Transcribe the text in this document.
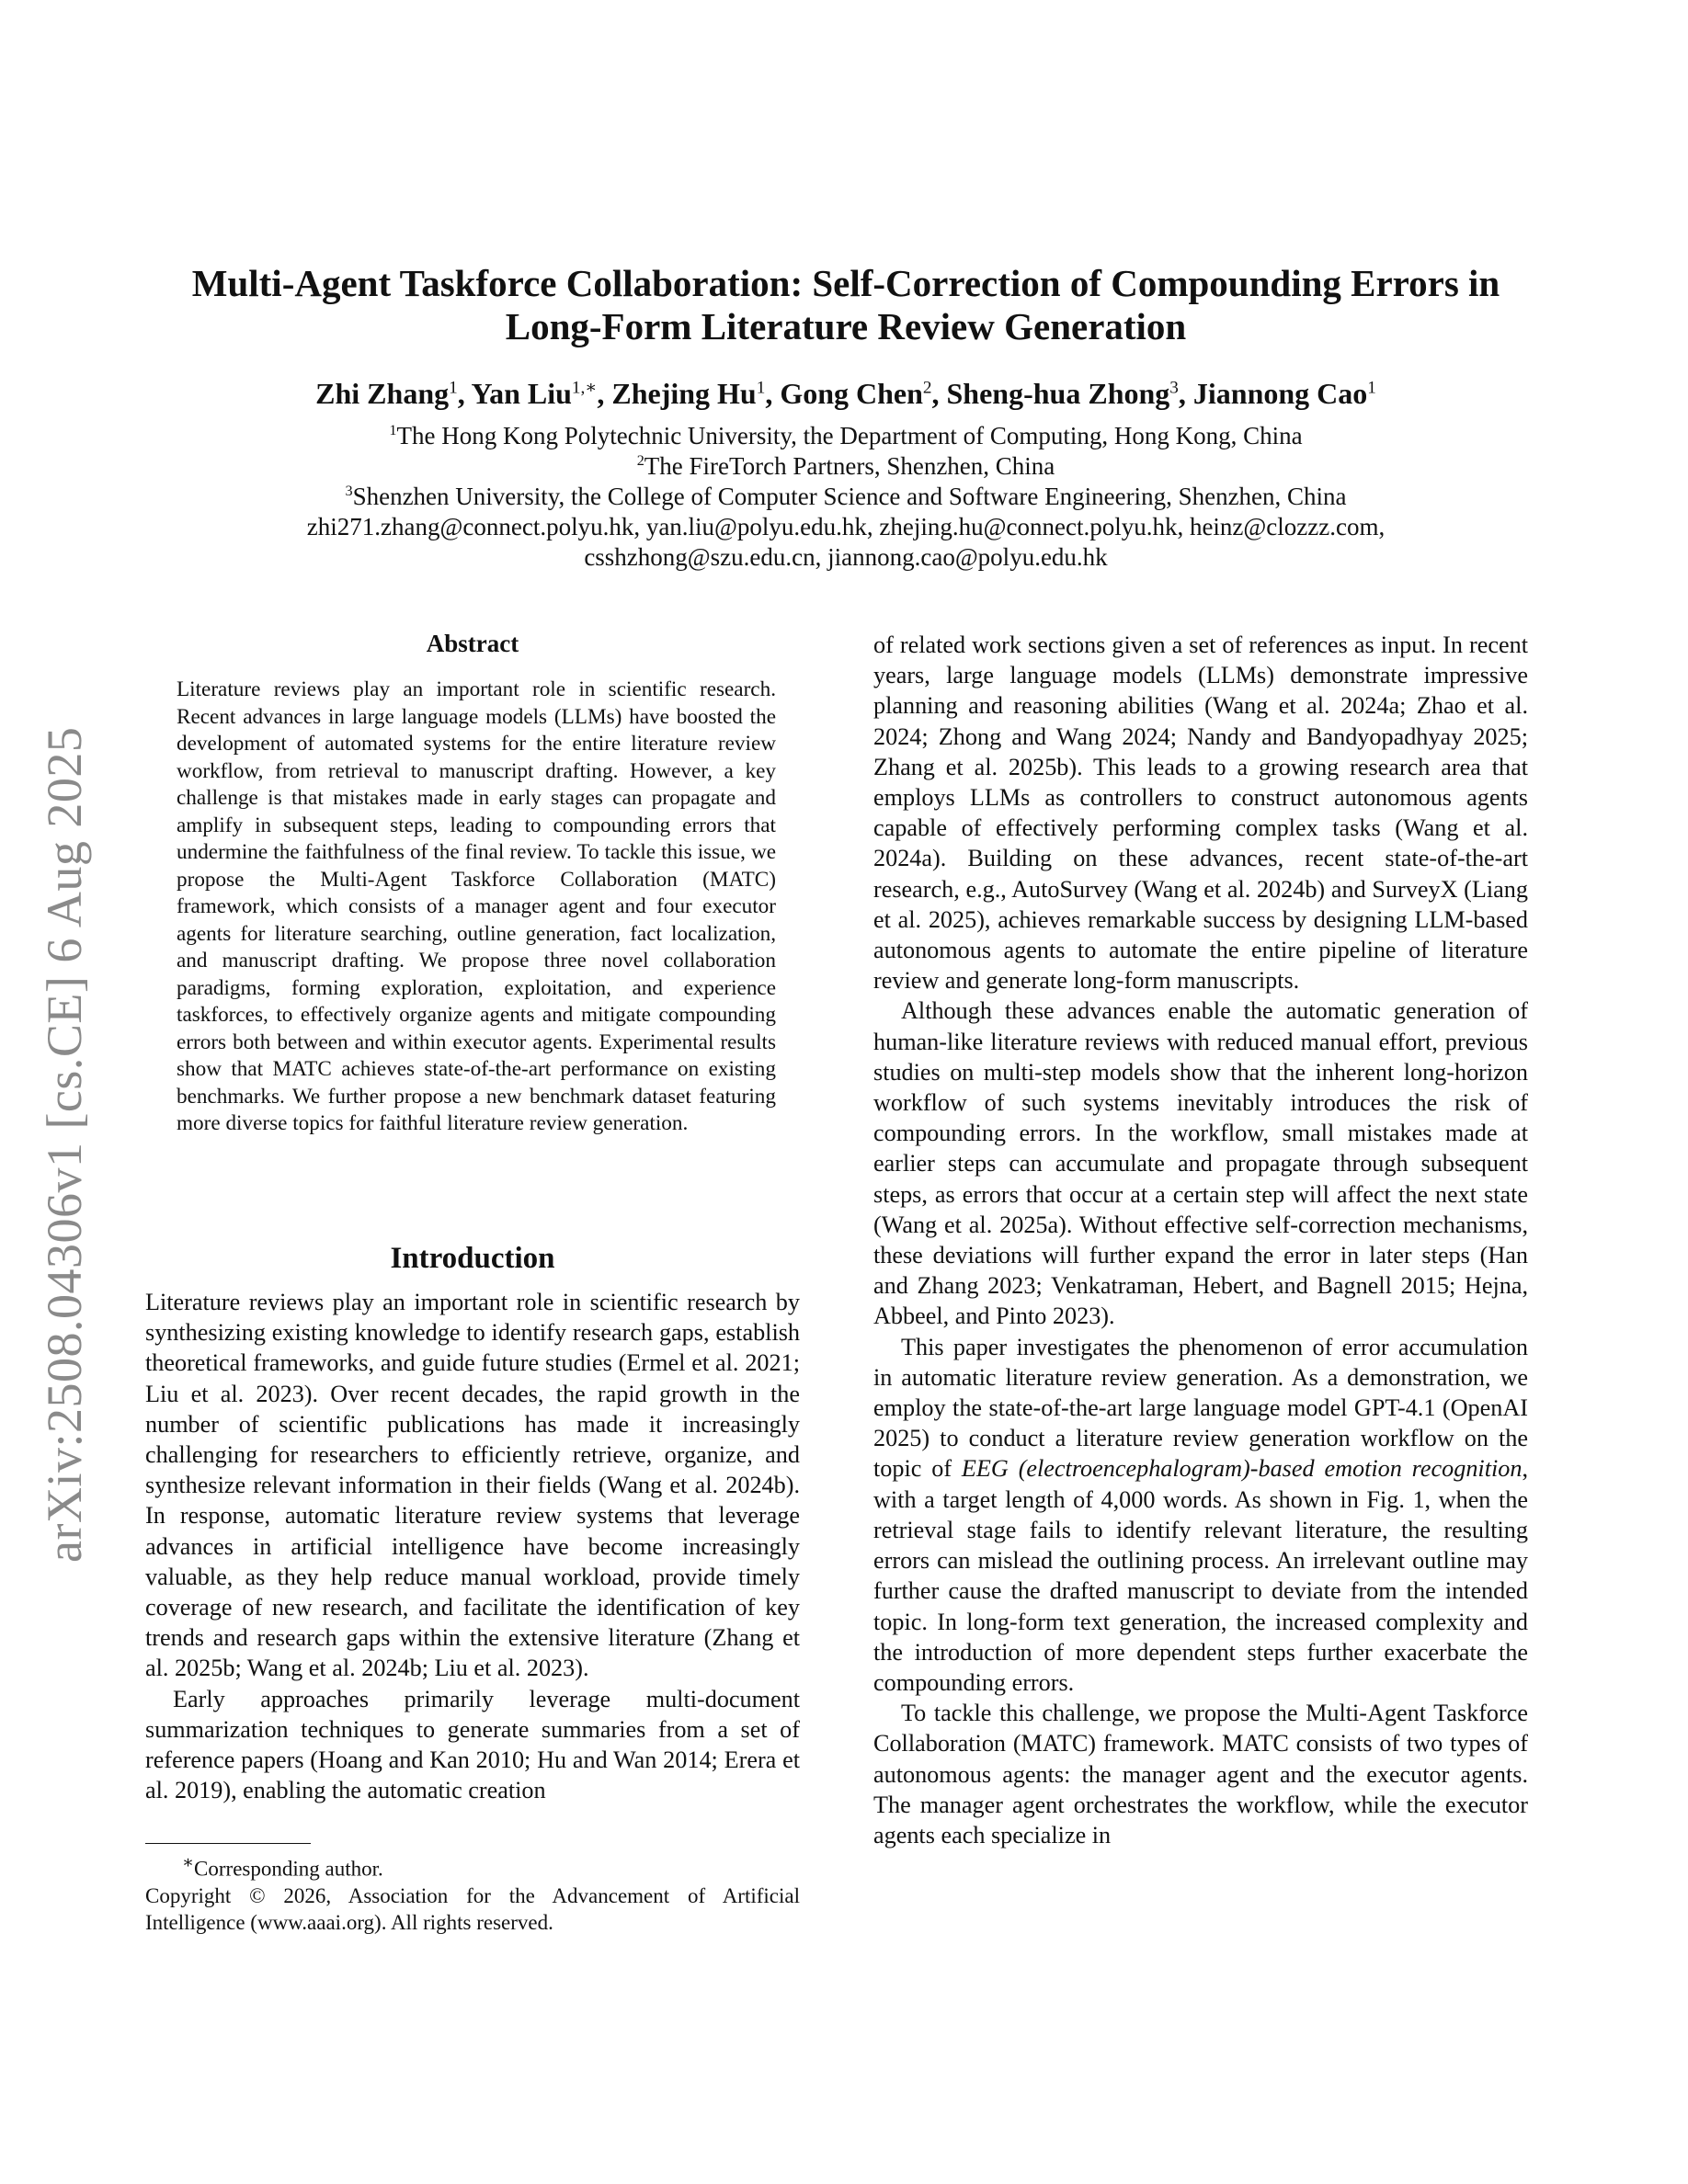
arXiv:2508.04306v1 [cs.CE] 6 Aug 2025
Multi-Agent Taskforce Collaboration: Self-Correction of Compounding Errors in
Long-Form Literature Review Generation
Zhi Zhang$^1$, Yan Liu$^{1,∗}$, Zhejing Hu$^1$, Gong Chen$^2$, Sheng-hua Zhong$^3$, Jiannong Cao$^1$
$^1$The Hong Kong Polytechnic University, the Department of Computing, Hong Kong, China
$^2$The FireTorch Partners, Shenzhen, China
$^3$Shenzhen University, the College of Computer Science and Software Engineering, Shenzhen, China
zhi271.zhang@connect.polyu.hk, yan.liu@polyu.edu.hk, zhejing.hu@connect.polyu.hk, heinz@clozzz.com,
csshzhong@szu.edu.cn, jiannong.cao@polyu.edu.hk
Abstract
Literature reviews play an important role in scientific research. Recent advances in large language models (LLMs) have boosted the development of automated systems for the entire literature review workflow, from retrieval to manuscript drafting. However, a key challenge is that mistakes made in early stages can propagate and amplify in subsequent steps, leading to compounding errors that undermine the faithfulness of the final review. To tackle this issue, we propose the Multi-Agent Taskforce Collaboration (MATC) framework, which consists of a manager agent and four executor agents for literature searching, outline generation, fact localization, and manuscript drafting. We propose three novel collaboration paradigms, forming exploration, exploitation, and experience taskforces, to effectively organize agents and mitigate compounding errors both between and within executor agents. Experimental results show that MATC achieves state-of-the-art performance on existing benchmarks. We further propose a new benchmark dataset featuring more diverse topics for faithful literature review generation.
Introduction

Literature reviews play an important role in scientific research by synthesizing existing knowledge to identify research gaps, establish theoretical frameworks, and guide future studies (Ermel et al. 2021; Liu et al. 2023). Over recent decades, the rapid growth in the number of scientific publications has made it increasingly challenging for researchers to efficiently retrieve, organize, and synthesize relevant information in their fields (Wang et al. 2024b). In response, automatic literature review systems that leverage advances in artificial intelligence have become increasingly valuable, as they help reduce manual workload, provide timely coverage of new research, and facilitate the identification of key trends and research gaps within the extensive literature (Zhang et al. 2025b; Wang et al. 2024b; Liu et al. 2023).

Early approaches primarily leverage multi-document summarization techniques to generate summaries from a set of reference papers (Hoang and Kan 2010; Hu and Wan 2014; Erera et al. 2019), enabling the automatic creation

∗Corresponding author.

Copyright © 2026, Association for the Advancement of Artificial Intelligence (www.aaai.org). All rights reserved.

of related work sections given a set of references as input. In recent years, large language models (LLMs) demonstrate impressive planning and reasoning abilities (Wang et al. 2024a; Zhao et al. 2024; Zhong and Wang 2024; Nandy and Bandyopadhyay 2025; Zhang et al. 2025b). This leads to a growing research area that employs LLMs as controllers to construct autonomous agents capable of effectively performing complex tasks (Wang et al. 2024a). Building on these advances, recent state-of-the-art research, e.g., AutoSurvey (Wang et al. 2024b) and SurveyX (Liang et al. 2025), achieves remarkable success by designing LLM-based autonomous agents to automate the entire pipeline of literature review and generate long-form manuscripts.

Although these advances enable the automatic generation of human-like literature reviews with reduced manual effort, previous studies on multi-step models show that the inherent long-horizon workflow of such systems inevitably introduces the risk of compounding errors. In the workflow, small mistakes made at earlier steps can accumulate and propagate through subsequent steps, as errors that occur at a certain step will affect the next state (Wang et al. 2025a). Without effective self-correction mechanisms, these deviations will further expand the error in later steps (Han and Zhang 2023; Venkatraman, Hebert, and Bagnell 2015; Hejna, Abbeel, and Pinto 2023).

This paper investigates the phenomenon of error accumulation in automatic literature review generation. As a demonstration, we employ the state-of-the-art large language model GPT-4.1 (OpenAI 2025) to conduct a literature review generation workflow on the topic of EEG (electroencephalogram)-based emotion recognition, with a target length of 4,000 words. As shown in Fig. 1, when the retrieval stage fails to identify relevant literature, the resulting errors can mislead the outlining process. An irrelevant outline may further cause the drafted manuscript to deviate from the intended topic. In long-form text generation, the increased complexity and the introduction of more dependent steps further exacerbate the compounding errors.

To tackle this challenge, we propose the Multi-Agent Taskforce Collaboration (MATC) framework. MATC consists of two types of autonomous agents: the manager agent and the executor agents. The manager agent orchestrates the workflow, while the executor agents each specialize in
